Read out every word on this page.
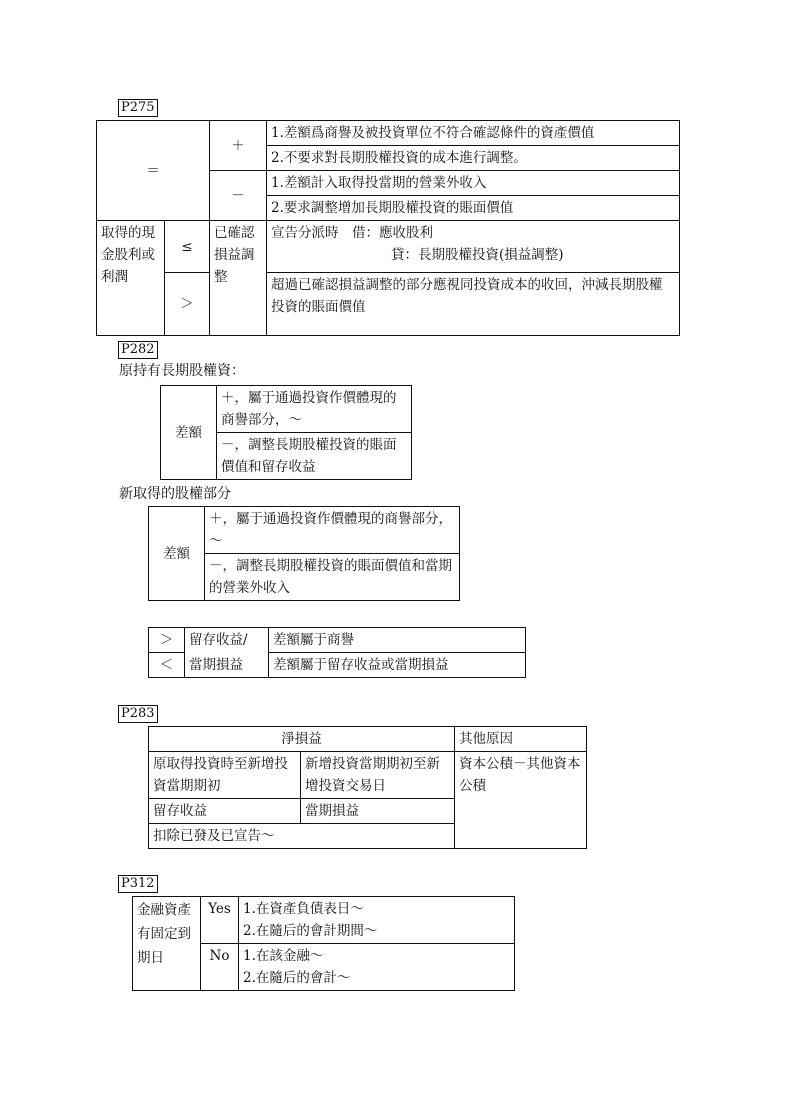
P275
＝		＋	1.差額爲商譽及被投資單位不符合確認條件的資產價值
			2.不要求對長期股權投資的成本進行調整。
		－	1.差額計入取得投當期的營業外收入
			2.要求調整增加長期股權投資的賬面價值
取得的現金股利或利潤	≤	已確認損益調整	宣告分派時　借：應收股利
貸：長期股權投資(損益調整)

	＞		超過已確認損益調整的部分應視同投資成本的收回，沖減長期股權投資的賬面價值
P282
原持有長期股權資：
差額	＋，屬于通過投資作價體現的商譽部分，～
－，調整長期股權投資的賬面價值和留存收益
新取得的股權部分
差額	＋，屬于通過投資作價體現的商譽部分，～
－，調整長期股權投資的賬面價值和當期的營業外收入
＞	留存收益/	差額屬于商譽
＜	當期損益	差額屬于留存收益或當期損益
P283
淨損益		其他原因
原取得投資時至新增投資當期期初	新增投資當期期初至新增投資交易日	資本公積－其他資本公積
留存收益	當期損益	
扣除已發及已宣告～		
P312
金融資產有固定到期日	Yes	1.在資產負債表日～
2.在隨后的會計期間～

	No	1.在該金融～
2.在隨后的會計～
